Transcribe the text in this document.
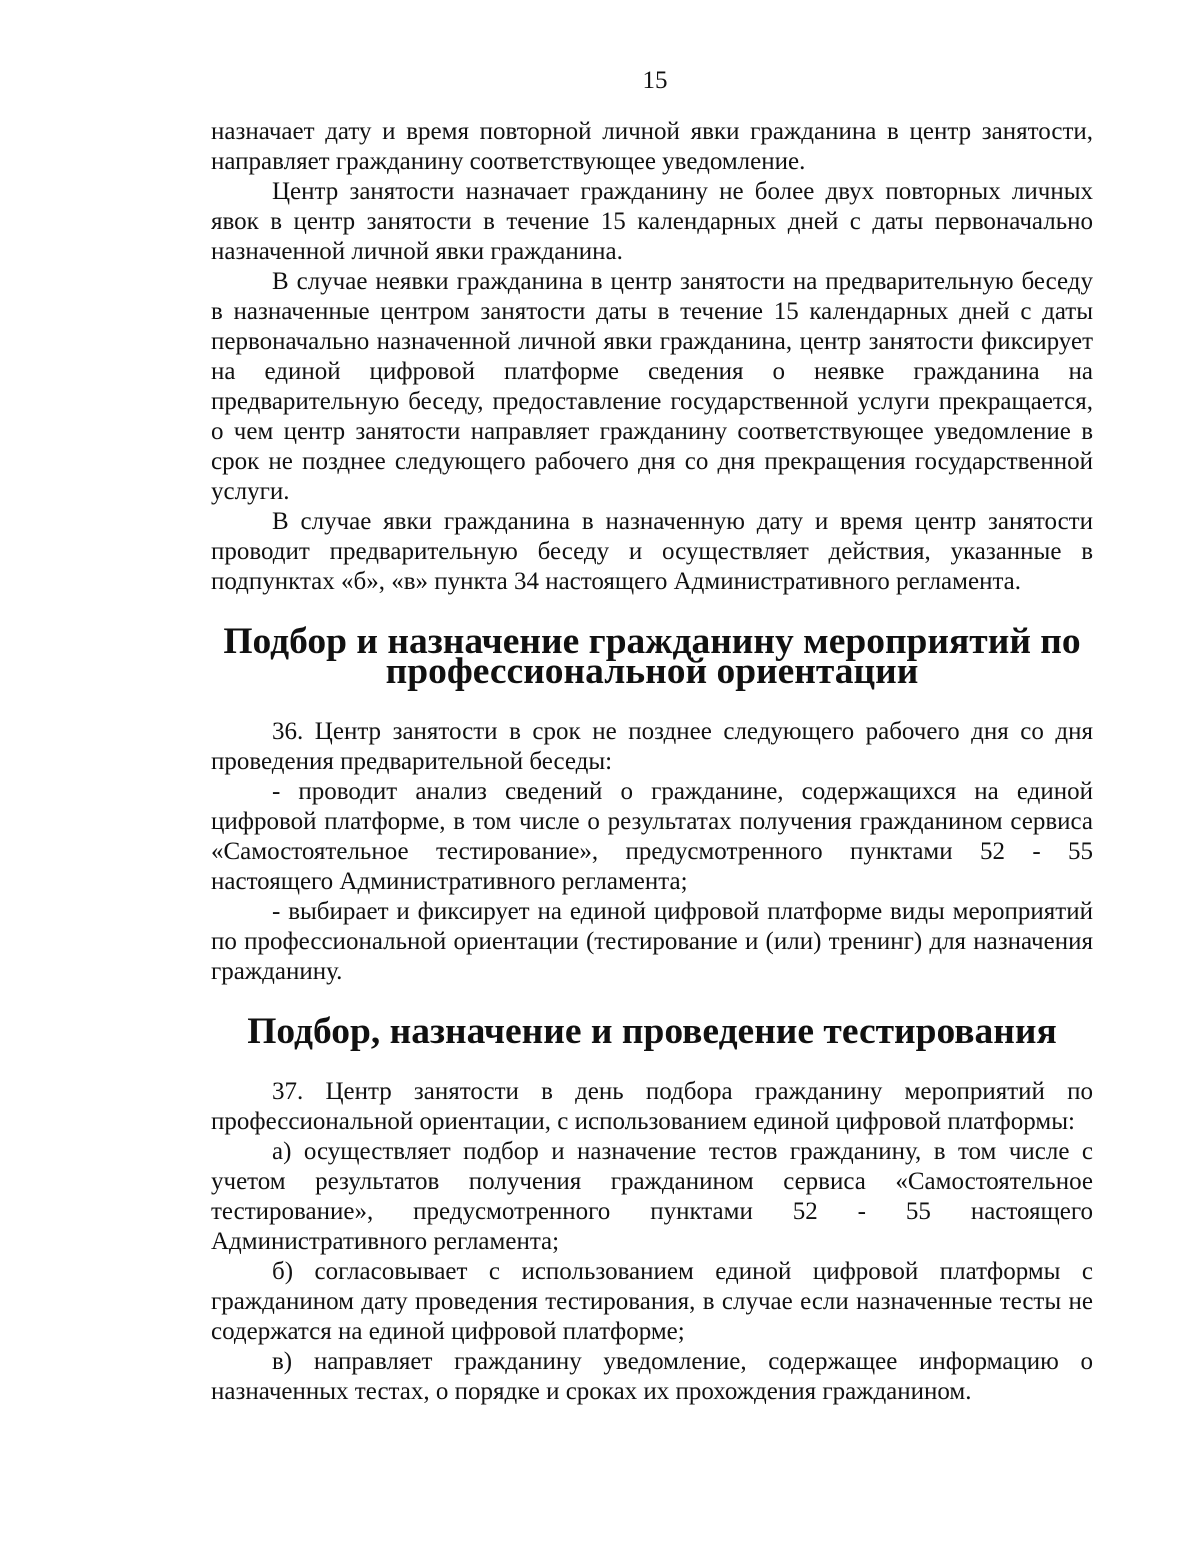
15

назначает дату и время повторной личной явки гражданина в центр занятости, направляет гражданину соответствующее уведомление.

Центр занятости назначает гражданину не более двух повторных личных явок в центр занятости в течение 15 календарных дней с даты первоначально назначенной личной явки гражданина.

В случае неявки гражданина в центр занятости на предварительную беседу в назначенные центром занятости даты в течение 15 календарных дней с даты первоначально назначенной личной явки гражданина, центр занятости фиксирует на единой цифровой платформе сведения о неявке гражданина на предварительную беседу, предоставление государственной услуги прекращается, о чем центр занятости направляет гражданину соответствующее уведомление в срок не позднее следующего рабочего дня со дня прекращения государственной услуги.

В случае явки гражданина в назначенную дату и время центр занятости проводит предварительную беседу и осуществляет действия, указанные в подпунктах «б», «в» пункта 34 настоящего Административного регламента.

Подбор и назначение гражданину мероприятий по профессиональной ориентации

36. Центр занятости в срок не позднее следующего рабочего дня со дня проведения предварительной беседы:

- проводит анализ сведений о гражданине, содержащихся на единой цифровой платформе, в том числе о результатах получения гражданином сервиса «Самостоятельное тестирование», предусмотренного пунктами 52 - 55 настоящего Административного регламента;

- выбирает и фиксирует на единой цифровой платформе виды мероприятий по профессиональной ориентации (тестирование и (или) тренинг) для назначения гражданину.

Подбор, назначение и проведение тестирования

37. Центр занятости в день подбора гражданину мероприятий по профессиональной ориентации, с использованием единой цифровой платформы:

а) осуществляет подбор и назначение тестов гражданину, в том числе с учетом результатов получения гражданином сервиса «Самостоятельное тестирование», предусмотренного пунктами 52 - 55 настоящего Административного регламента;

б) согласовывает с использованием единой цифровой платформы с гражданином дату проведения тестирования, в случае если назначенные тесты не содержатся на единой цифровой платформе;

в) направляет гражданину уведомление, содержащее информацию о назначенных тестах, о порядке и сроках их прохождения гражданином.
